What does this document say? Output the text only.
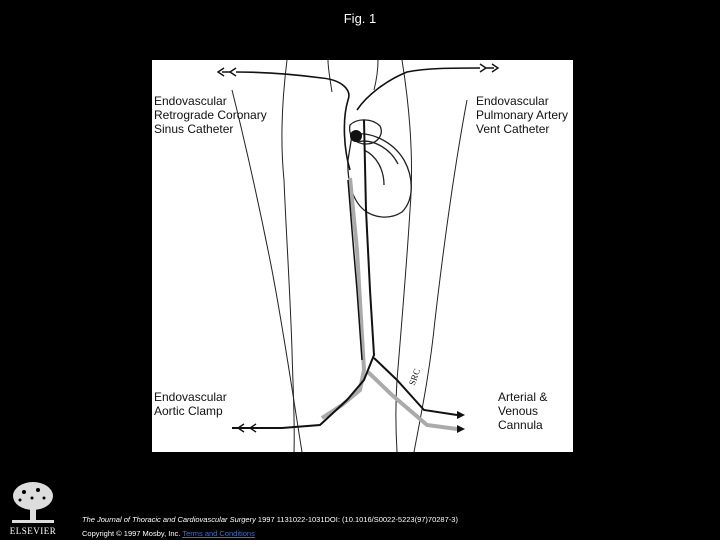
Fig. 1
Endovascular
Retrograde Coronary
Sinus Catheter
Endovascular
Pulmonary Artery
Vent Catheter
Endovascular
Aortic Clamp
Arterial &
Venous
Cannula
SRC
ELSEVIER
The Journal of Thoracic and Cardiovascular Surgery 1997 1131022-1031DOI: (10.1016/S0022-5223(97)70287-3)
Copyright © 1997 Mosby, Inc. Terms and Conditions
